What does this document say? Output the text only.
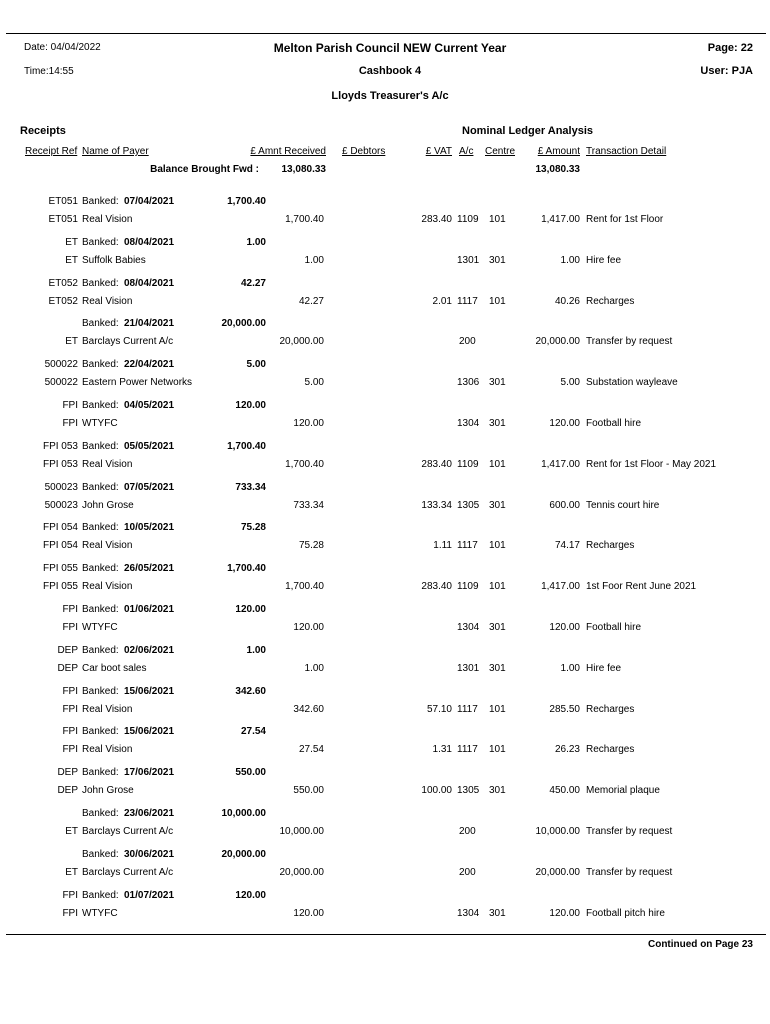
Date: 04/04/2022
Time:14:55
Melton Parish Council NEW Current Year
Cashbook 4
Lloyds Treasurer's A/c
Page: 22
User: PJA
Receipts	Nominal Ledger Analysis
Receipt Ref Name of Payer	£ Amnt Received £ Debtors	£ VAT A/c Centre	£ Amount Transaction Detail
Balance Brought Fwd :	13,080.33	13,080.33
ET051 Banked: 07/04/2021	1,700.40
ET051 Real Vision	1,700.40	283.40 1109 101	1,417.00 Rent for 1st Floor
ET Banked: 08/04/2021	1.00
ET Suffolk Babies	1.00	1301 301	1.00 Hire fee
ET052 Banked: 08/04/2021	42.27
ET052 Real Vision	42.27	2.01 1117 101	40.26 Recharges
Banked: 21/04/2021	20,000.00
ET Barclays Current A/c	20,000.00	200	20,000.00 Transfer by request
500022 Banked: 22/04/2021	5.00
500022 Eastern Power Networks	5.00	1306 301	5.00 Substation wayleave
FPI Banked: 04/05/2021	120.00
FPI WTYFC	120.00	1304 301	120.00 Football hire
FPI 053 Banked: 05/05/2021	1,700.40
FPI 053 Real Vision	1,700.40	283.40 1109 101	1,417.00 Rent for 1st Floor - May 2021
500023 Banked: 07/05/2021	733.34
500023 John Grose	733.34	133.34 1305 301	600.00 Tennis court hire
FPI 054 Banked: 10/05/2021	75.28
FPI 054 Real Vision	75.28	1.11 1117 101	74.17 Recharges
FPI 055 Banked: 26/05/2021	1,700.40
FPI 055 Real Vision	1,700.40	283.40 1109 101	1,417.00 1st Foor Rent June 2021
FPI Banked: 01/06/2021	120.00
FPI WTYFC	120.00	1304 301	120.00 Football hire
DEP Banked: 02/06/2021	1.00
DEP Car boot sales	1.00	1301 301	1.00 Hire fee
FPI Banked: 15/06/2021	342.60
FPI Real Vision	342.60	57.10 1117 101	285.50 Recharges
FPI Banked: 15/06/2021	27.54
FPI Real Vision	27.54	1.31 1117 101	26.23 Recharges
DEP Banked: 17/06/2021	550.00
DEP John Grose	550.00	100.00 1305 301	450.00 Memorial plaque
Banked: 23/06/2021	10,000.00
ET Barclays Current A/c	10,000.00	200	10,000.00 Transfer by request
Banked: 30/06/2021	20,000.00
ET Barclays Current A/c	20,000.00	200	20,000.00 Transfer by request
FPI Banked: 01/07/2021	120.00
FPI WTYFC	120.00	1304 301	120.00 Football pitch hire
Continued on Page 23
